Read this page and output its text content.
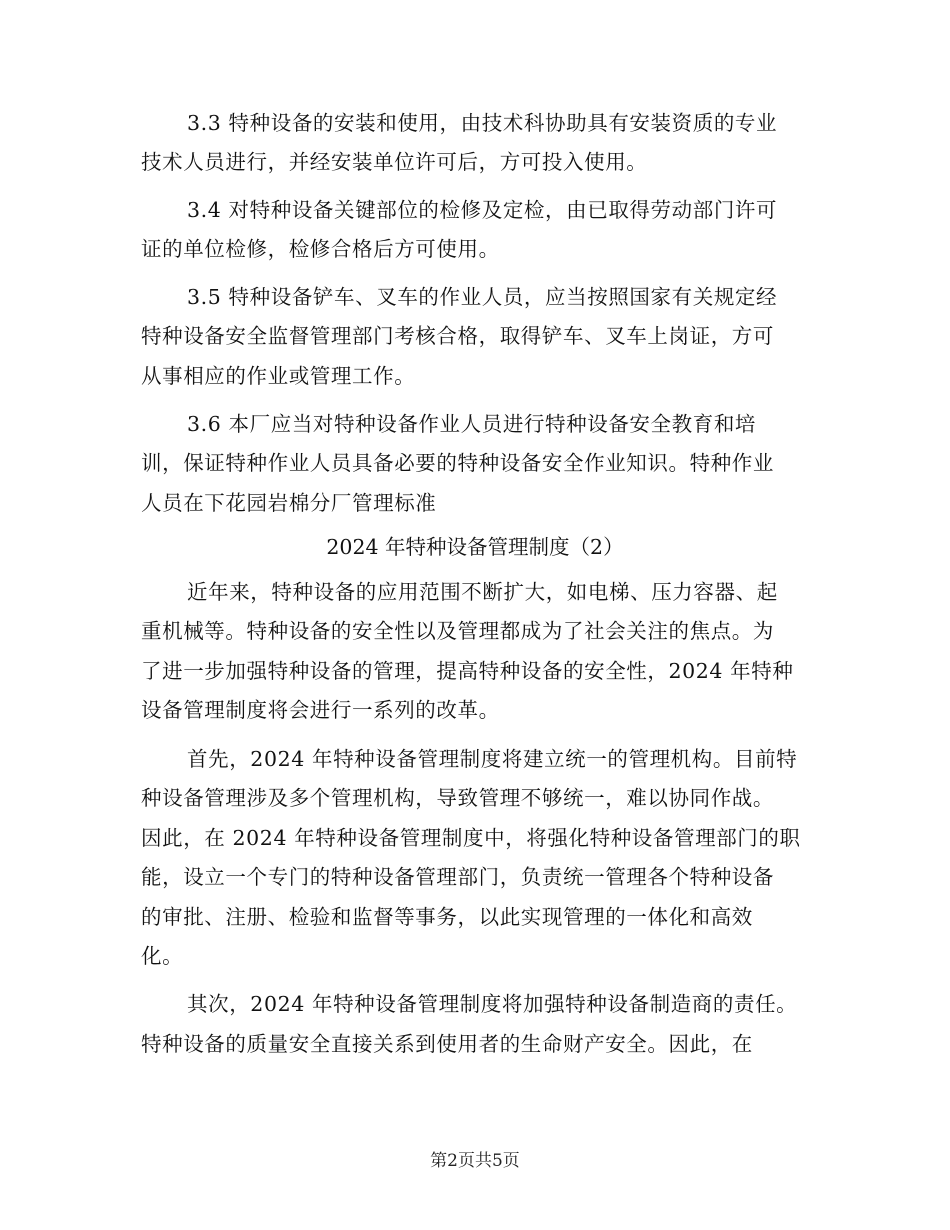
3.3 特种设备的安装和使用，由技术科协助具有安装资质的专业
技术人员进行，并经安装单位许可后，方可投入使用。
3.4 对特种设备关键部位的检修及定检，由已取得劳动部门许可
证的单位检修，检修合格后方可使用。
3.5 特种设备铲车、叉车的作业人员，应当按照国家有关规定经
特种设备安全监督管理部门考核合格，取得铲车、叉车上岗证，方可
从事相应的作业或管理工作。
3.6 本厂应当对特种设备作业人员进行特种设备安全教育和培
训，保证特种作业人员具备必要的特种设备安全作业知识。特种作业
人员在下花园岩棉分厂管理标准
2024 年特种设备管理制度（2）
近年来，特种设备的应用范围不断扩大，如电梯、压力容器、起
重机械等。特种设备的安全性以及管理都成为了社会关注的焦点。为
了进一步加强特种设备的管理，提高特种设备的安全性，2024 年特种
设备管理制度将会进行一系列的改革。
首先，2024 年特种设备管理制度将建立统一的管理机构。目前特
种设备管理涉及多个管理机构，导致管理不够统一，难以协同作战。
因此，在 2024 年特种设备管理制度中，将强化特种设备管理部门的职
能，设立一个专门的特种设备管理部门，负责统一管理各个特种设备
的审批、注册、检验和监督等事务，以此实现管理的一体化和高效
化。
其次，2024 年特种设备管理制度将加强特种设备制造商的责任。
特种设备的质量安全直接关系到使用者的生命财产安全。因此，在
第2页共5页
